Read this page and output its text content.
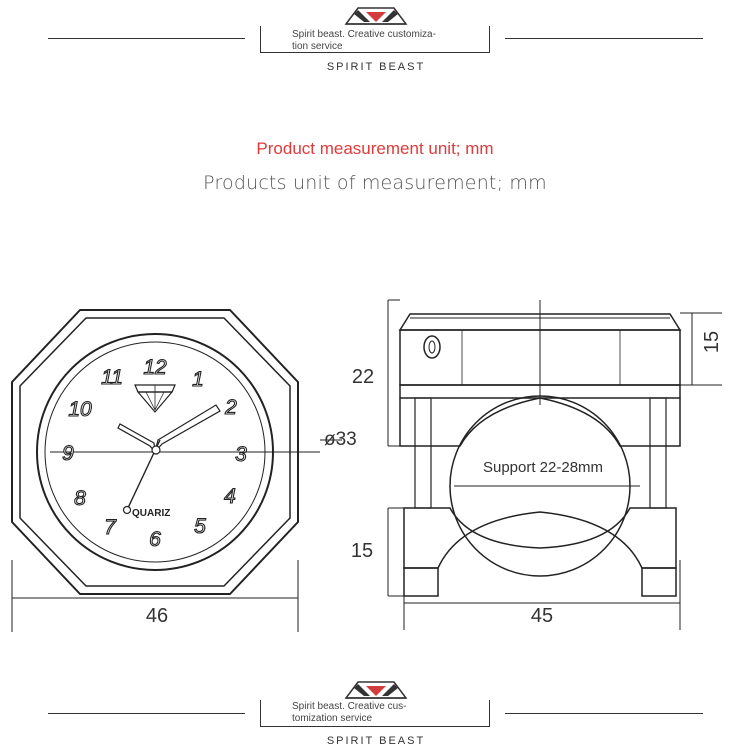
Spirit beast. Creative customiza-
tion service
SPIRIT BEAST
Product measurement unit; mm
Products unit of measurement; mm
12
1
2
3
4
5
6
7
8
9
10
11
QUARIZ
46
ø33
15
22
15
45
Support 22-28mm
Spirit beast. Creative cus-
tomization service
SPIRIT BEAST
